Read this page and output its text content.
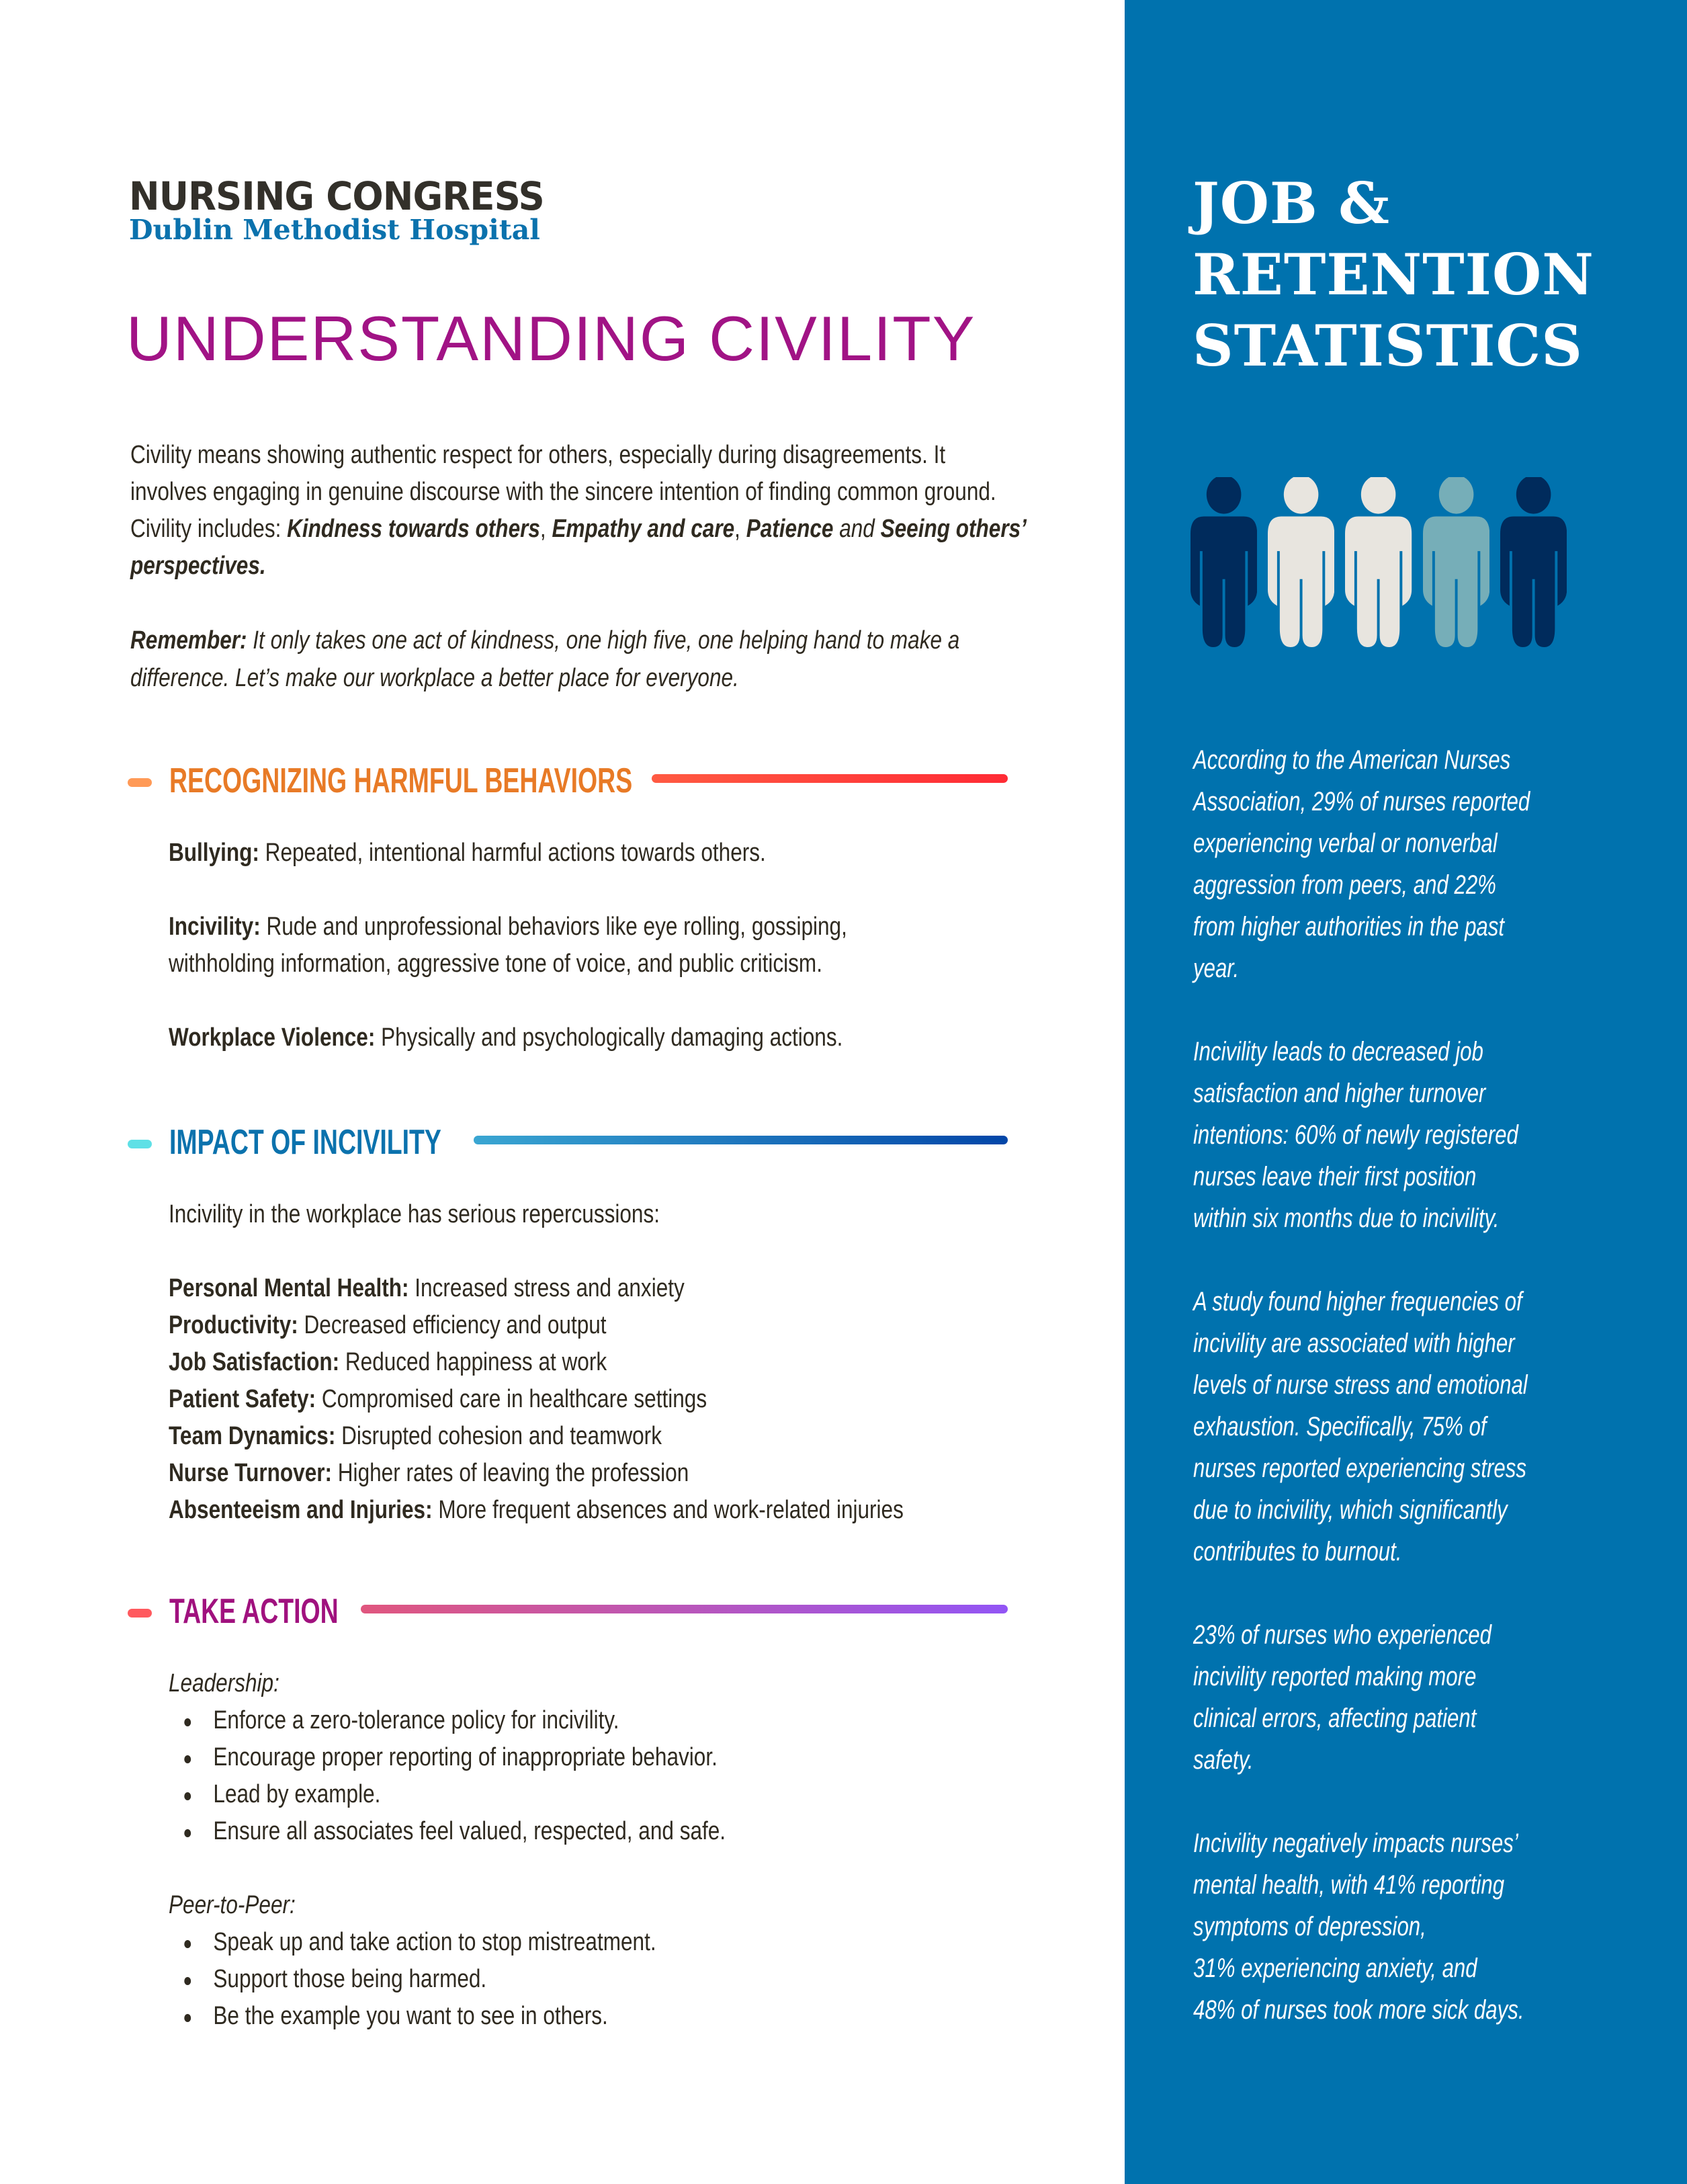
NURSING CONGRESS
Dublin Methodist Hospital
UNDERSTANDING CIVILITY
Civility means showing authentic respect for others, especially during disagreements. It
involves engaging in genuine discourse with the sincere intention of finding common ground.
Civility includes: Kindness towards others, Empathy and care, Patience and Seeing others’
perspectives.
Remember: It only takes one act of kindness, one high five, one helping hand to make a
difference. Let’s make our workplace a better place for everyone.
RECOGNIZING HARMFUL BEHAVIORS
Bullying: Repeated, intentional harmful actions towards others.
Incivility: Rude and unprofessional behaviors like eye rolling, gossiping,
withholding information, aggressive tone of voice, and public criticism.
Workplace Violence: Physically and psychologically damaging actions.
IMPACT OF INCIVILITY
Incivility in the workplace has serious repercussions:
Personal Mental Health: Increased stress and anxiety
Productivity: Decreased efficiency and output
Job Satisfaction: Reduced happiness at work
Patient Safety: Compromised care in healthcare settings
Team Dynamics: Disrupted cohesion and teamwork
Nurse Turnover: Higher rates of leaving the profession
Absenteeism and Injuries: More frequent absences and work-related injuries
TAKE ACTION
Leadership:
Enforce a zero-tolerance policy for incivility.
Encourage proper reporting of inappropriate behavior.
Lead by example.
Ensure all associates feel valued, respected, and safe.
Peer-to-Peer:
Speak up and take action to stop mistreatment.
Support those being harmed.
Be the example you want to see in others.
JOB &
RETENTION
STATISTICS

According to the American Nurses
Association, 29% of nurses reported
experiencing verbal or nonverbal
aggression from peers, and 22%
from higher authorities in the past
year.

Incivility leads to decreased job
satisfaction and higher turnover
intentions: 60% of newly registered
nurses leave their first position
within six months due to incivility.

A study found higher frequencies of
incivility are associated with higher
levels of nurse stress and emotional
exhaustion. Specifically, 75% of
nurses reported experiencing stress
due to incivility, which significantly
contributes to burnout.

23% of nurses who experienced
incivility reported making more
clinical errors, affecting patient
safety.

Incivility negatively impacts nurses’
mental health, with 41% reporting
symptoms of depression,
31% experiencing anxiety, and
48% of nurses took more sick days.
